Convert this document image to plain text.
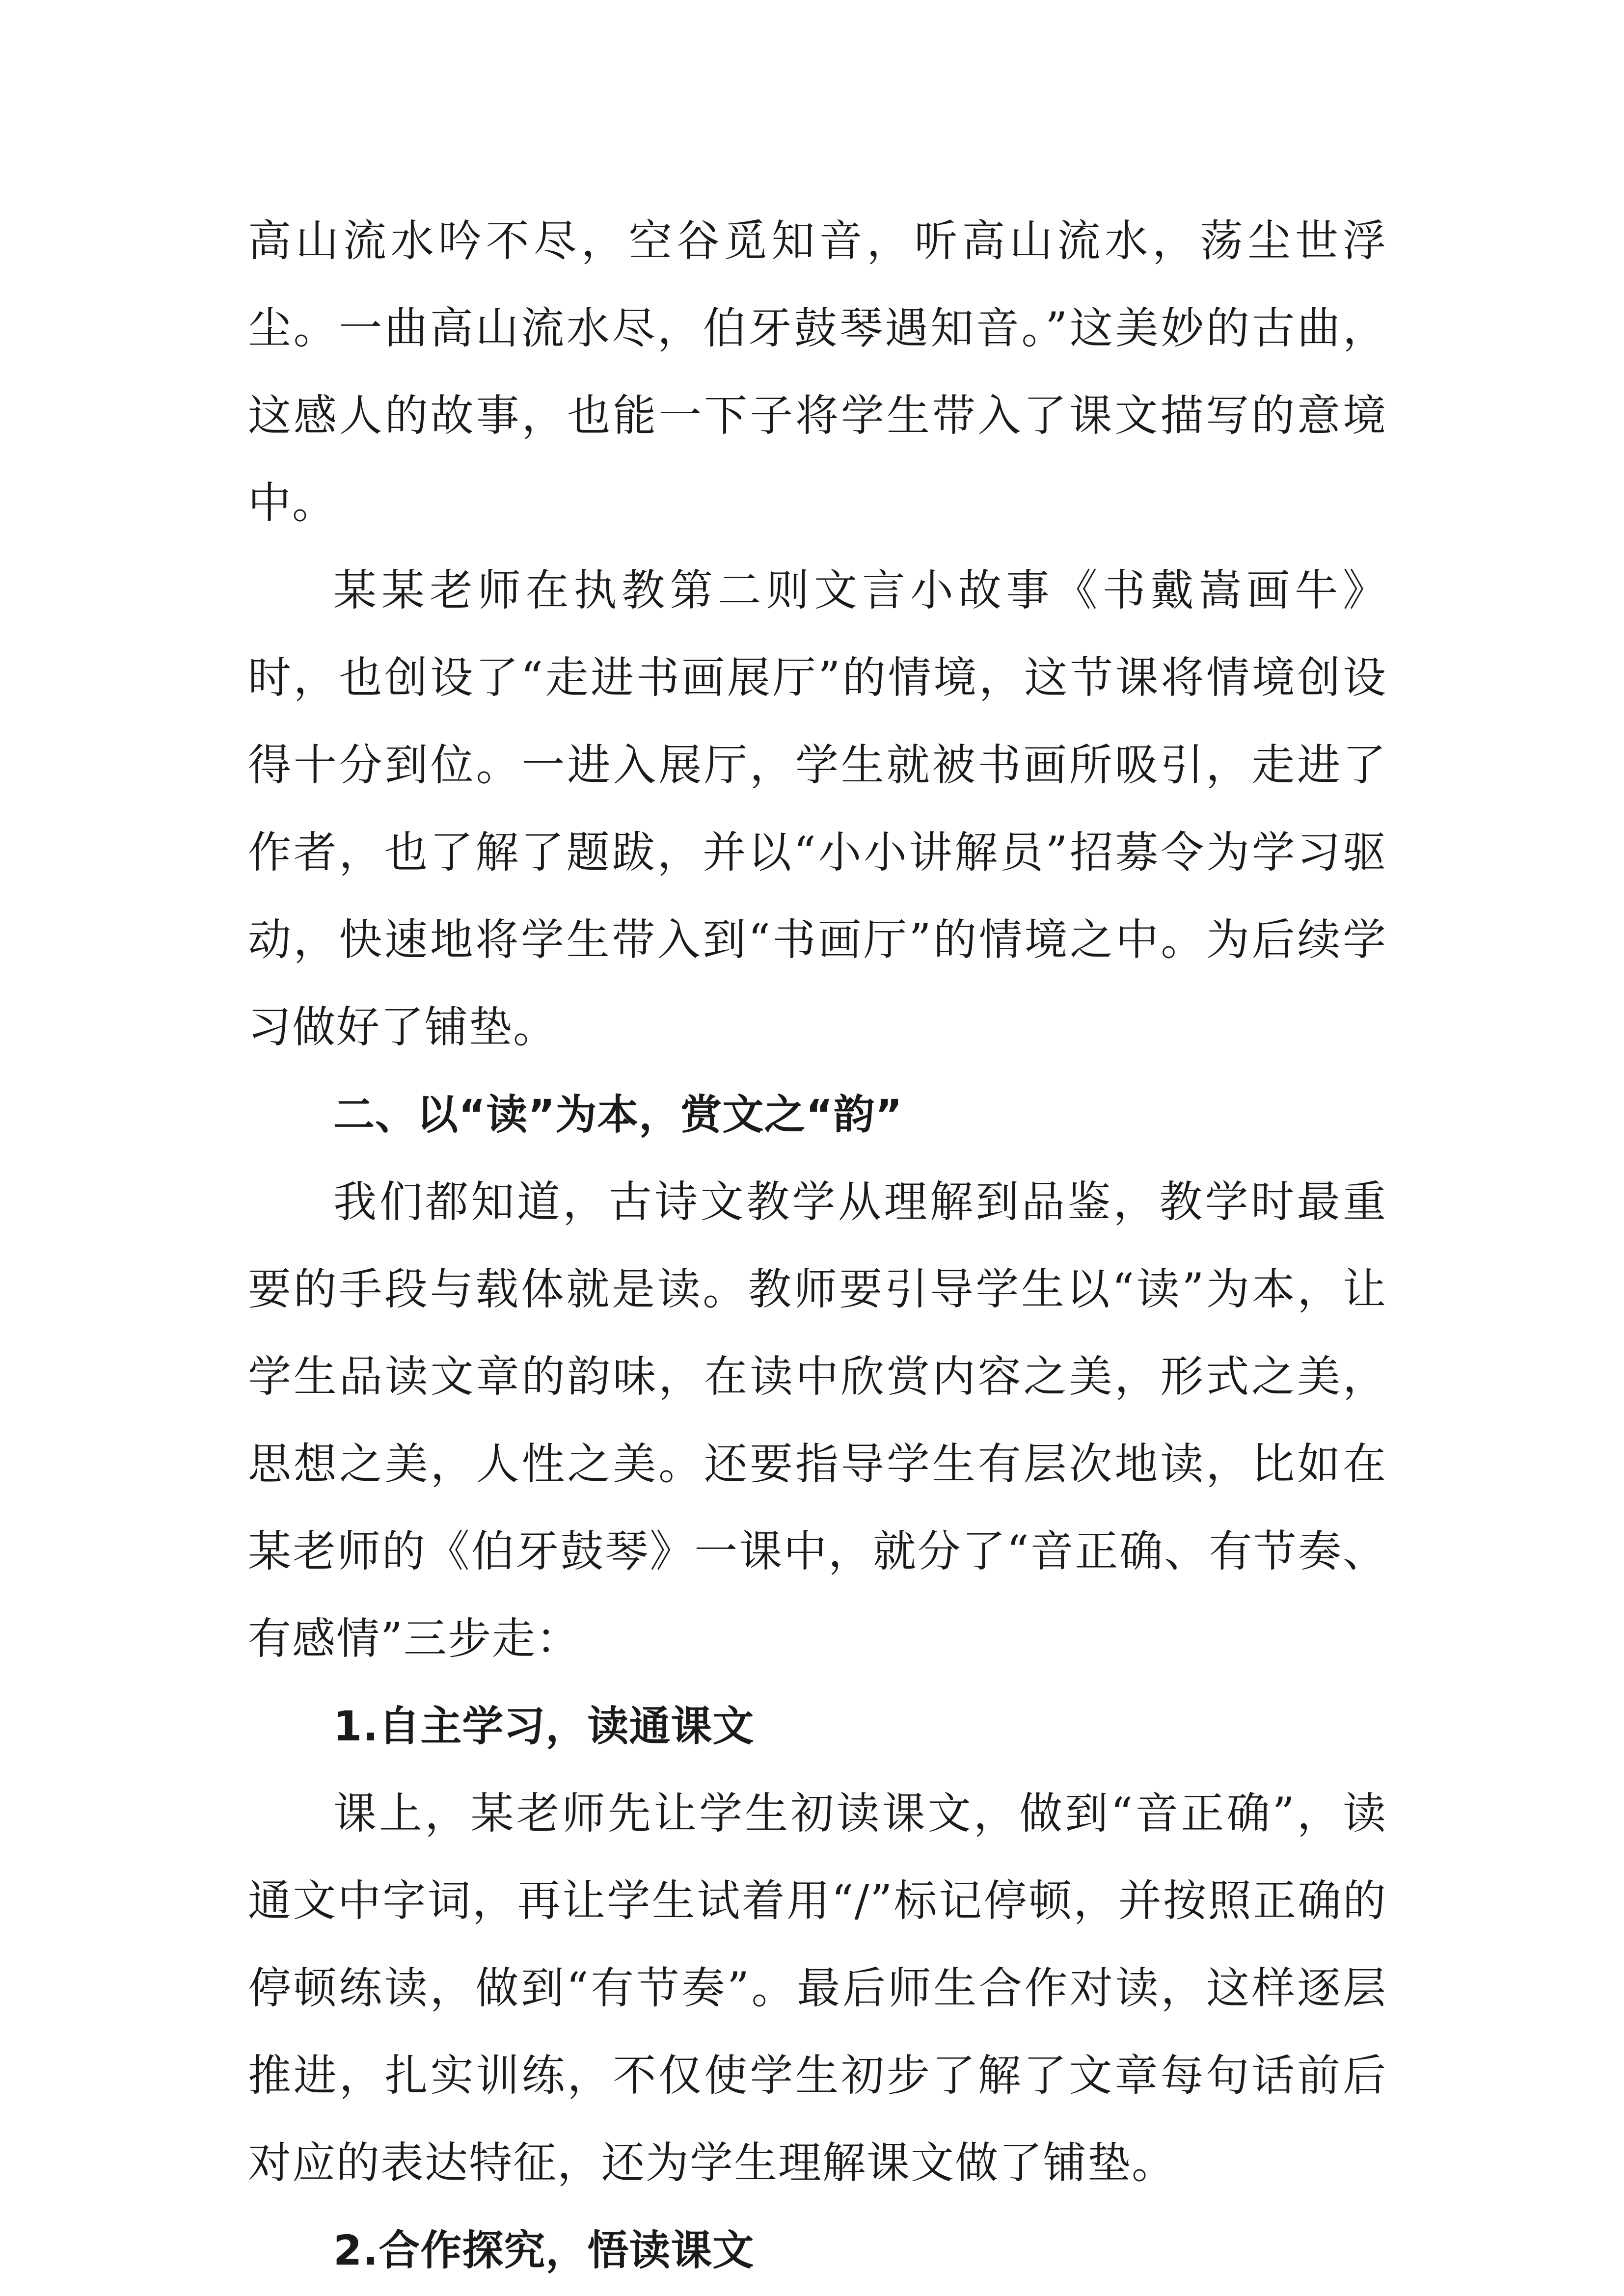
高山流水吟不尽，空谷觅知音，听高山流水，荡尘世浮尘。一曲高山流水尽，伯牙鼓琴遇知音。”这美妙的古曲，这感人的故事，也能一下子将学生带入了课文描写的意境中。

某某老师在执教第二则文言小故事《书戴嵩画牛》时，也创设了“走进书画展厅”的情境，这节课将情境创设得十分到位。一进入展厅，学生就被书画所吸引，走进了作者，也了解了题跋，并以“小小讲解员”招募令为学习驱动，快速地将学生带入到“书画厅”的情境之中。为后续学习做好了铺垫。

二、以“读”为本，赏文之“韵”

我们都知道，古诗文教学从理解到品鉴，教学时最重要的手段与载体就是读。教师要引导学生以“读”为本，让学生品读文章的韵味，在读中欣赏内容之美，形式之美，思想之美，人性之美。还要指导学生有层次地读，比如在某老师的《伯牙鼓琴》一课中，就分了“音正确、有节奏、有感情”三步走：

1.自主学习，读通课文

课上，某老师先让学生初读课文，做到“音正确”，读通文中字词，再让学生试着用“/”标记停顿，并按照正确的停顿练读，做到“有节奏”。最后师生合作对读，这样逐层推进，扎实训练，不仅使学生初步了解了文章每句话前后对应的表达特征，还为学生理解课文做了铺垫。

2.合作探究，悟读课文
